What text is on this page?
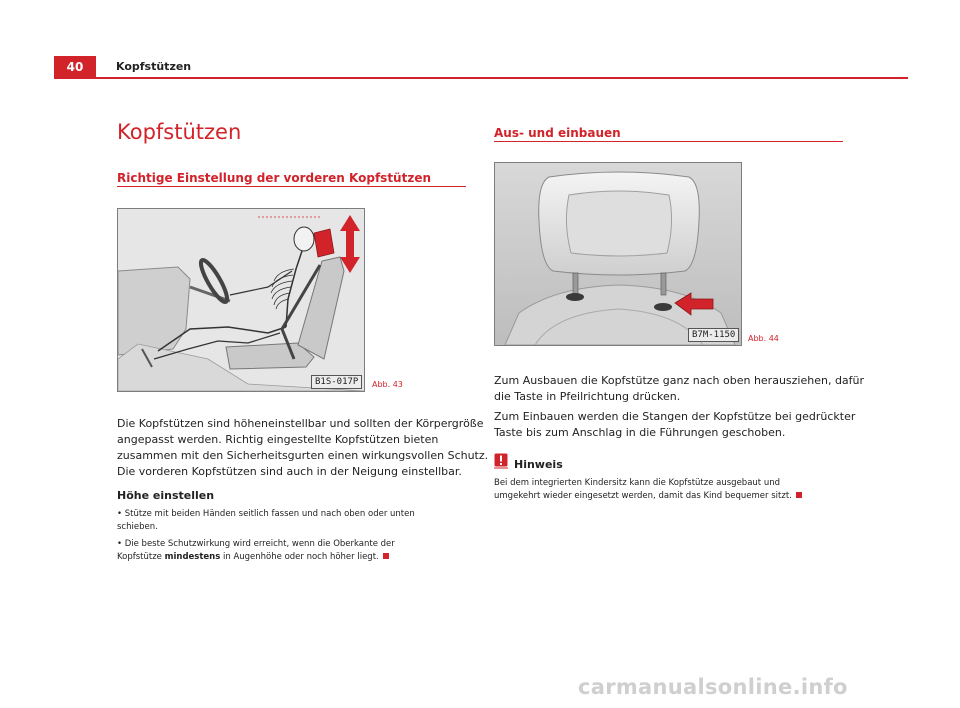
40	Kopfstützen
Kopfstützen
Richtige Einstellung der vorderen Kopfstützen
B1S-017P	Abb. 43

Die Kopfstützen sind höheneinstellbar und sollten der Körpergröße
angepasst werden. Richtig eingestellte Kopfstützen bieten
zusammen mit den Sicherheitsgurten einen wirkungsvollen Schutz.
Die vorderen Kopfstützen sind auch in der Neigung einstellbar.

Höhe einstellen

• Stütze mit beiden Händen seitlich fassen und nach oben oder unten
schieben.

• Die beste Schutzwirkung wird erreicht, wenn die Oberkante der
Kopfstütze mindestens in Augenhöhe oder noch höher liegt.

Aus- und einbauen
B7M-1150	Abb. 44

Zum Ausbauen die Kopfstütze ganz nach oben herausziehen, dafür
die Taste in Pfeilrichtung drücken.

Zum Einbauen werden die Stangen der Kopfstütze bei gedrückter
Taste bis zum Anschlag in die Führungen geschoben.

Hinweis

Bei dem integrierten Kindersitz kann die Kopfstütze ausgebaut und
umgekehrt wieder eingesetzt werden, damit das Kind bequemer sitzt.

carmanualsonline.info
